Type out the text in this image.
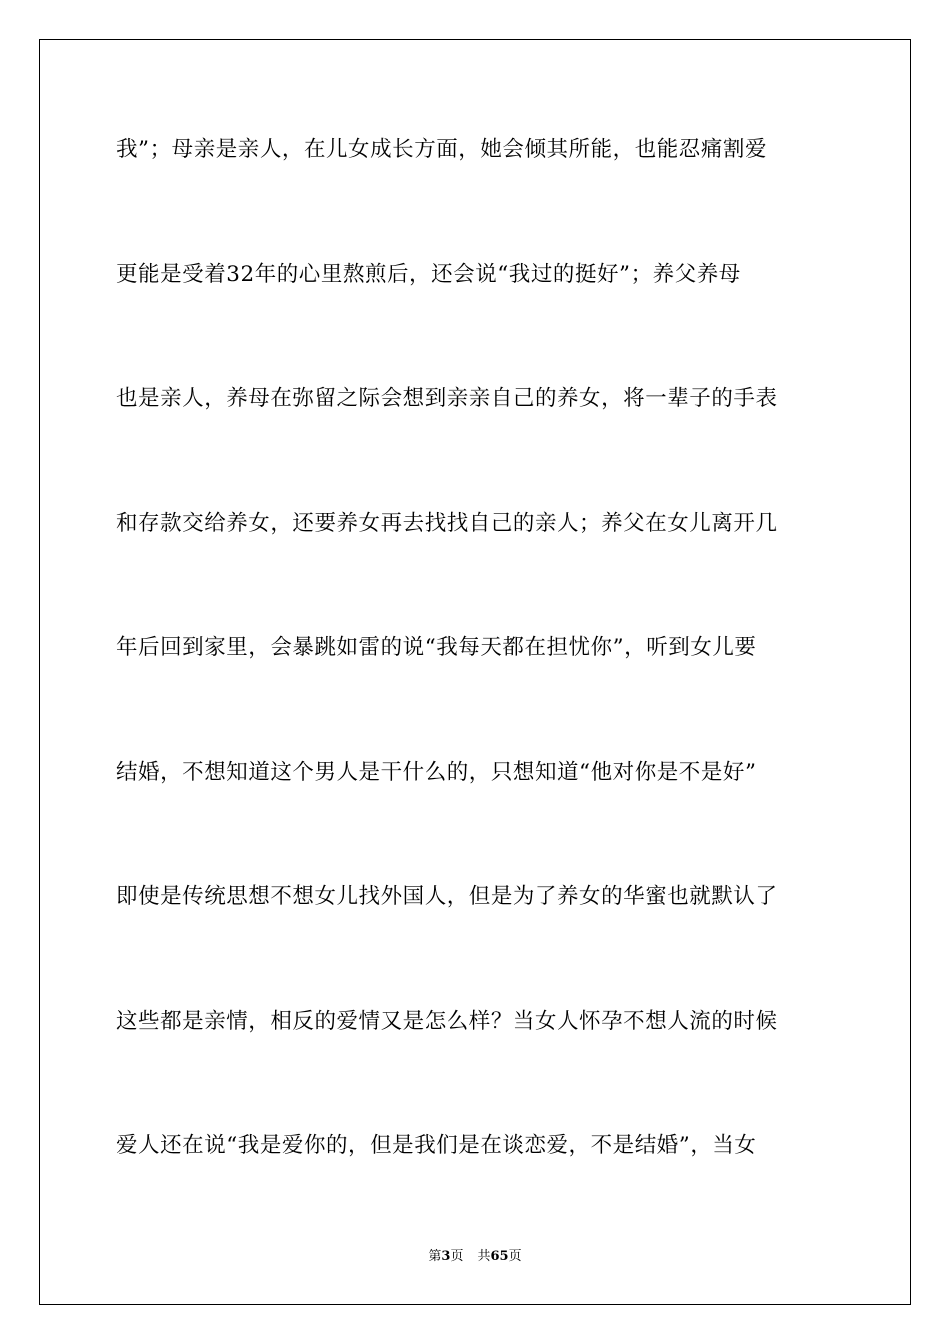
我”；母亲是亲人，在儿女成长方面，她会倾其所能，也能忍痛割爱
更能是受着32年的心里熬煎后，还会说“我过的挺好”；养父养母
也是亲人，养母在弥留之际会想到亲亲自己的养女，将一辈子的手表
和存款交给养女，还要养女再去找找自己的亲人；养父在女儿离开几
年后回到家里，会暴跳如雷的说“我每天都在担忧你”，听到女儿要
结婚，不想知道这个男人是干什么的，只想知道“他对你是不是好”
即使是传统思想不想女儿找外国人，但是为了养女的华蜜也就默认了
这些都是亲情，相反的爱情又是怎么样？当女人怀孕不想人流的时候
爱人还在说“我是爱你的，但是我们是在谈恋爱，不是结婚”，当女
第3页 共65页
